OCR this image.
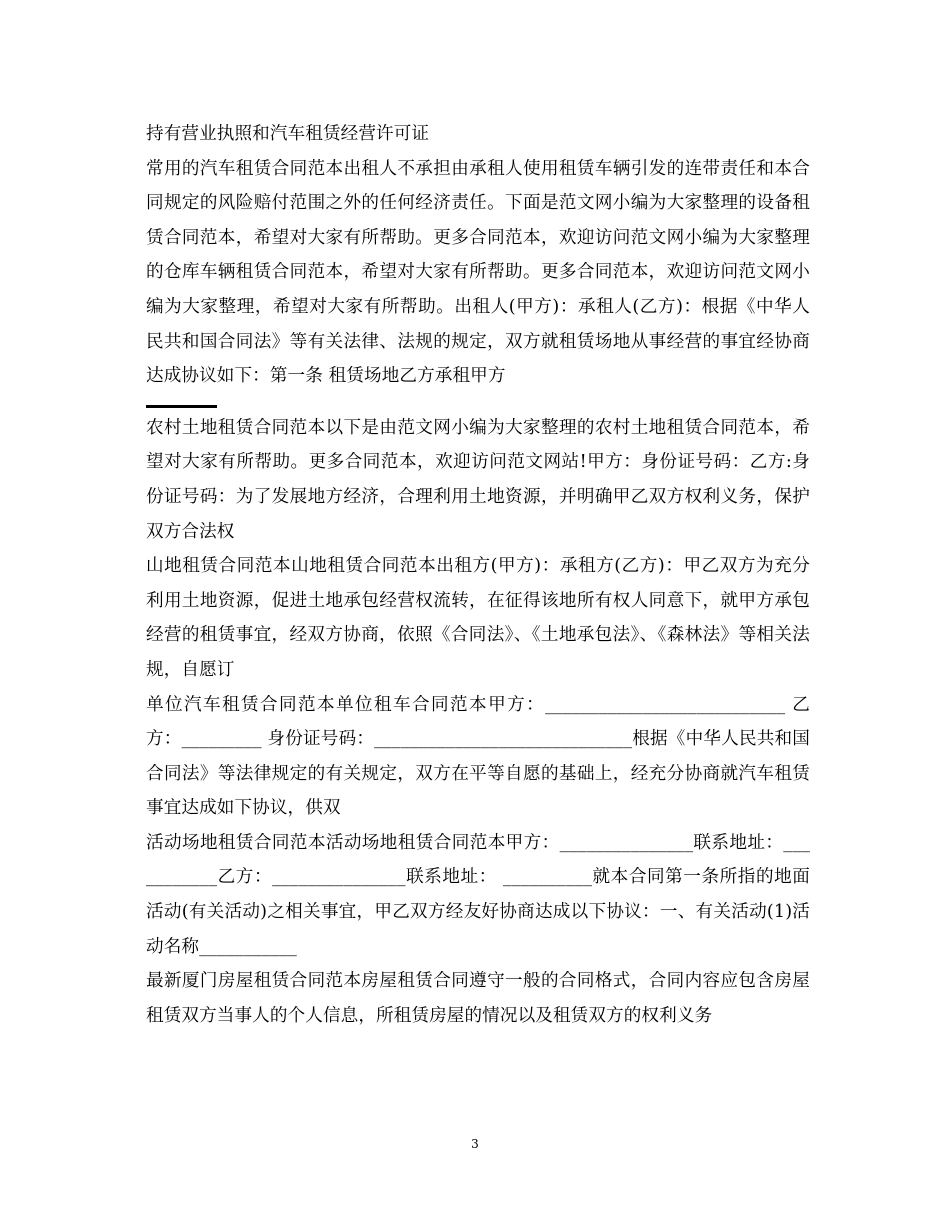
持有营业执照和汽车租赁经营许可证

常用的汽车租赁合同范本出租人不承担由承租人使用租赁车辆引发的连带责任和本合同规定的风险赔付范围之外的任何经济责任。下面是范文网小编为大家整理的设备租赁合同范本，希望对大家有所帮助。更多合同范本，欢迎访问范文网小编为大家整理的仓库车辆租赁合同范本，希望对大家有所帮助。更多合同范本，欢迎访问范文网小编为大家整理，希望对大家有所帮助。出租人(甲方)：承租人(乙方)：根据《中华人民共和国合同法》等有关法律、法规的规定，双方就租赁场地从事经营的事宜经协商达成协议如下：第一条 租赁场地乙方承租甲方

农村土地租赁合同范本以下是由范文网小编为大家整理的农村土地租赁合同范本，希望对大家有所帮助。更多合同范本，欢迎访问范文网站!甲方：身份证号码：乙方:身份证号码：为了发展地方经济，合理利用土地资源，并明确甲乙双方权利义务，保护双方合法权

山地租赁合同范本山地租赁合同范本出租方(甲方)：承租方(乙方)：甲乙双方为充分利用土地资源，促进土地承包经营权流转，在征得该地所有权人同意下，就甲方承包经营的租赁事宜，经双方协商，依照《合同法》、《土地承包法》、《森林法》等相关法规，自愿订

单位汽车租赁合同范本单位租车合同范本甲方：___________________________ 乙方：_________ 身份证号码：_____________________________根据《中华人民共和国合同法》等法律规定的有关规定，双方在平等自愿的基础上，经充分协商就汽车租赁事宜达成如下协议，供双

活动场地租赁合同范本活动场地租赁合同范本甲方：_______________联系地址：___________乙方：_______________联系地址： __________就本合同第一条所指的地面活动(有关活动)之相关事宜，甲乙双方经友好协商达成以下协议：一、有关活动(1)活动名称___________

最新厦门房屋租赁合同范本房屋租赁合同遵守一般的合同格式，合同内容应包含房屋租赁双方当事人的个人信息，所租赁房屋的情况以及租赁双方的权利义务

3
